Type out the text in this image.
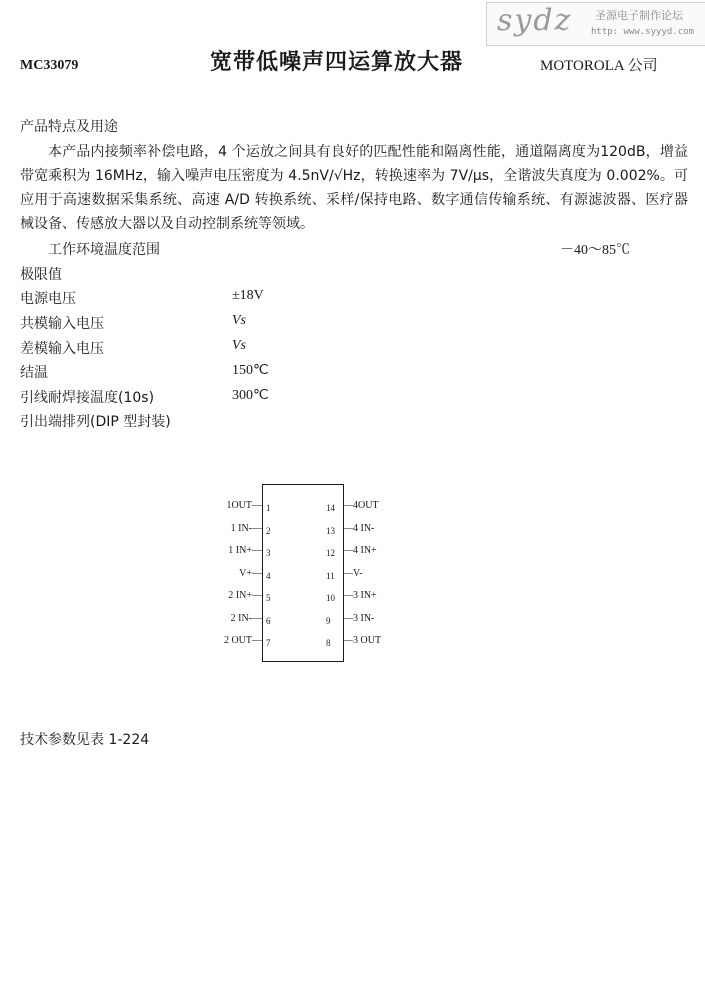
MC33079	宽带低噪声四运算放大器	MOTOROLA 公司
sydz 圣源电子制作论坛
http: www.syyyd.com
产品特点及用途
本产品内接频率补偿电路，4 个运放之间具有良好的匹配性能和隔离性能，通道隔离度为120dB，增益带宽乘积为 16MHz，输入噪声电压密度为 4.5nV/√Hz，转换速率为 7V/μs，全谐波失真度为 0.002%。可应用于高速数据采集系统、高速 A/D 转换系统、采样/保持电路、数字通信传输系统、有源滤波器、医疗器械设备、传感放大器以及自动控制系统等领域。
工作环境温度范围	－40～85℃
极限值
电源电压	±18V
共模输入电压	Vs
差模输入电压	Vs
结温	150℃
引线耐焊接温度(10s)	300℃
引出端排列(DIP 型封装)
1OUT— 1
1 IN-— 2
1 IN+— 3
V+— 4
2 IN+— 5
2 IN-— 6
2 OUT— 7
14 —4OUT
13 —4 IN-
12 —4 IN+
11 —V-
10 —3 IN+
9 —3 IN-
8 —3 OUT
技术参数见表 1-224
